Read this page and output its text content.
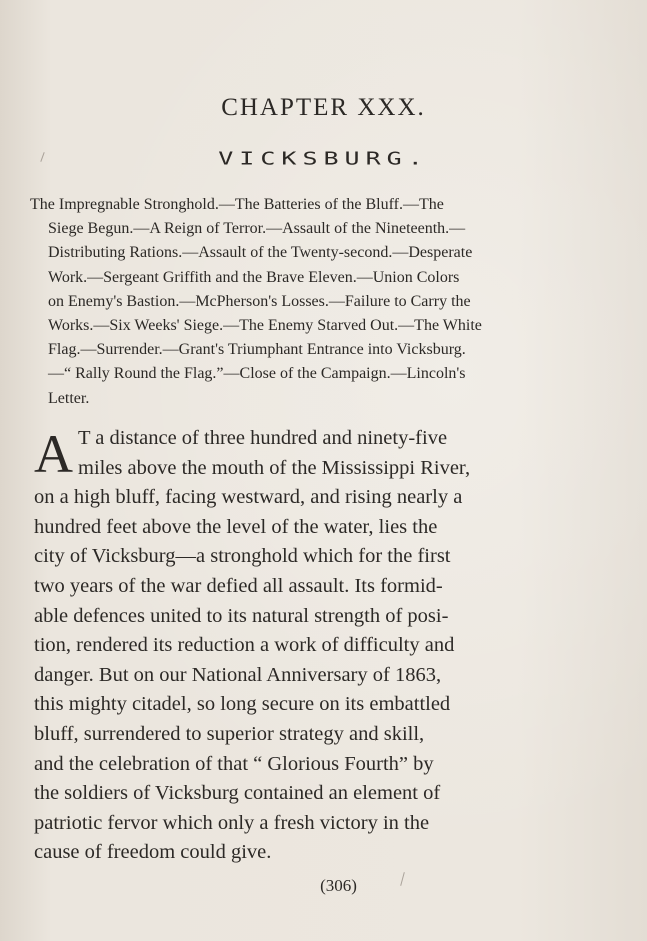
CHAPTER XXX.
VICKSBURG.
The Impregnable Stronghold.—The Batteries of the Bluff.—The
Siege Begun.—A Reign of Terror.—Assault of the Nineteenth.—
Distributing Rations.—Assault of the Twenty-second.—Desperate
Work.—Sergeant Griffith and the Brave Eleven.—Union Colors
on Enemy's Bastion.—McPherson's Losses.—Failure to Carry the
Works.—Six Weeks' Siege.—The Enemy Starved Out.—The White
Flag.—Surrender.—Grant's Triumphant Entrance into Vicksburg.
—“ Rally Round the Flag.”—Close of the Campaign.—Lincoln's
Letter.
A T a distance of three hundred and ninety-five
miles above the mouth of the Mississippi River,
on a high bluff, facing westward, and rising nearly a
hundred feet above the level of the water, lies the
city of Vicksburg—a stronghold which for the first
two years of the war defied all assault. Its formid-
able defences united to its natural strength of posi-
tion, rendered its reduction a work of difficulty and
danger. But on our National Anniversary of 1863,
this mighty citadel, so long secure on its embattled
bluff, surrendered to superior strategy and skill,
and the celebration of that “ Glorious Fourth” by
the soldiers of Vicksburg contained an element of
patriotic fervor which only a fresh victory in the
cause of freedom could give.
(306)
